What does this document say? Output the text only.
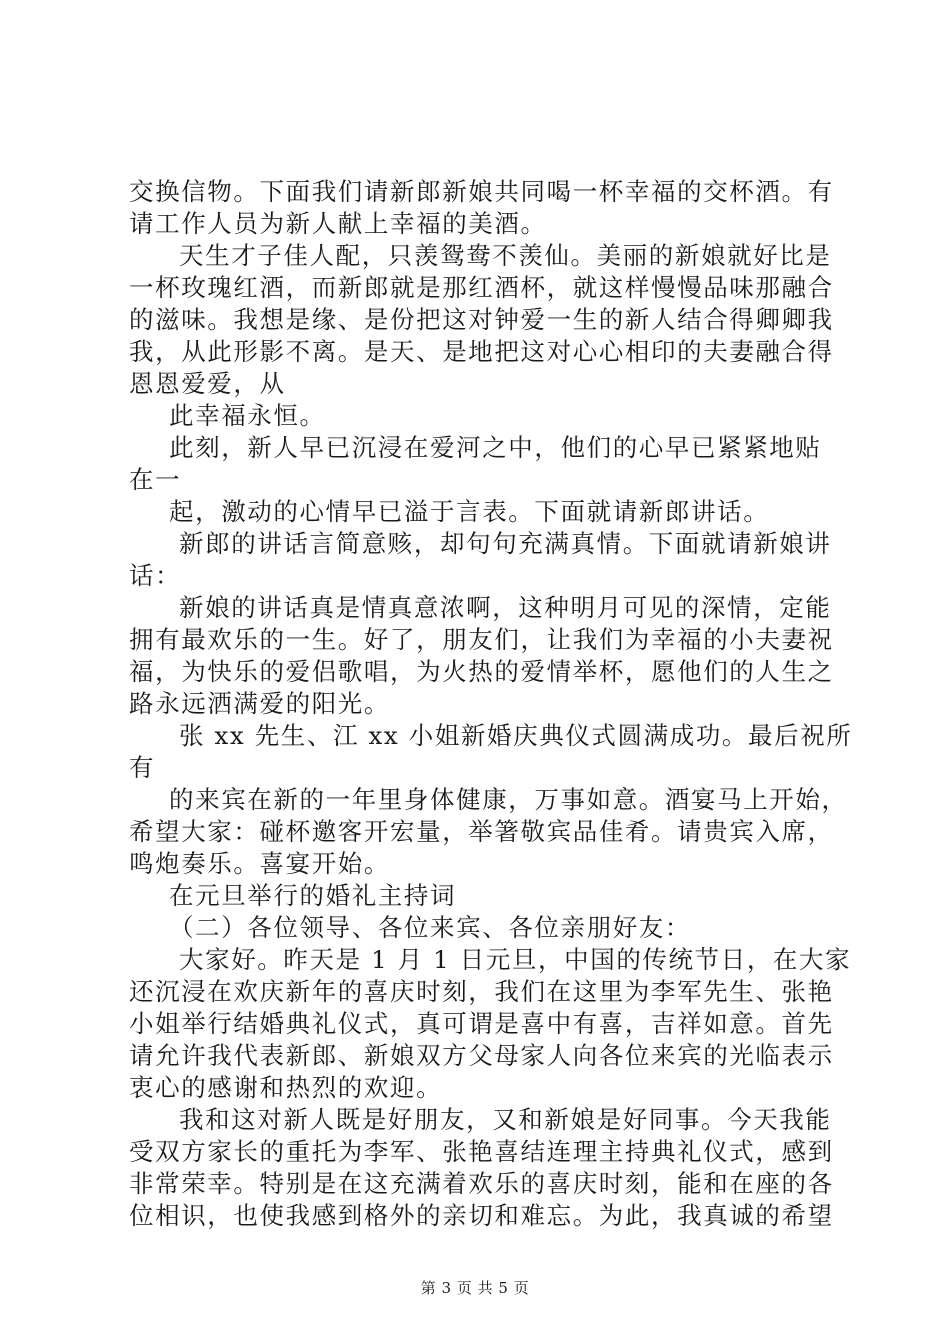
交换信物。下面我们请新郎新娘共同喝一杯幸福的交杯酒。有
请工作人员为新人献上幸福的美酒。
天生才子佳人配，只羡鸳鸯不羡仙。美丽的新娘就好比是
一杯玫瑰红酒，而新郎就是那红酒杯，就这样慢慢品味那融合
的滋味。我想是缘、是份把这对钟爱一生的新人结合得卿卿我
我，从此形影不离。是天、是地把这对心心相印的夫妻融合得
恩恩爱爱，从
此幸福永恒。
此刻，新人早已沉浸在爱河之中，他们的心早已紧紧地贴
在一
起，激动的心情早已溢于言表。下面就请新郎讲话。
新郎的讲话言简意赅，却句句充满真情。下面就请新娘讲
话：
新娘的讲话真是情真意浓啊，这种明月可见的深情，定能
拥有最欢乐的一生。好了，朋友们，让我们为幸福的小夫妻祝
福，为快乐的爱侣歌唱，为火热的爱情举杯，愿他们的人生之
路永远洒满爱的阳光。
张 xx 先生、江 xx 小姐新婚庆典仪式圆满成功。最后祝所
有
的来宾在新的一年里身体健康，万事如意。酒宴马上开始，
希望大家：碰杯邀客开宏量，举箸敬宾品佳肴。请贵宾入席，
鸣炮奏乐。喜宴开始。
在元旦举行的婚礼主持词
（二）各位领导、各位来宾、各位亲朋好友：
大家好。昨天是 1 月 1 日元旦，中国的传统节日，在大家
还沉浸在欢庆新年的喜庆时刻，我们在这里为李军先生、张艳
小姐举行结婚典礼仪式，真可谓是喜中有喜，吉祥如意。首先
请允许我代表新郎、新娘双方父母家人向各位来宾的光临表示
衷心的感谢和热烈的欢迎。
我和这对新人既是好朋友，又和新娘是好同事。今天我能
受双方家长的重托为李军、张艳喜结连理主持典礼仪式，感到
非常荣幸。特别是在这充满着欢乐的喜庆时刻，能和在座的各
位相识，也使我感到格外的亲切和难忘。为此，我真诚的希望
第 3 页 共 5 页
